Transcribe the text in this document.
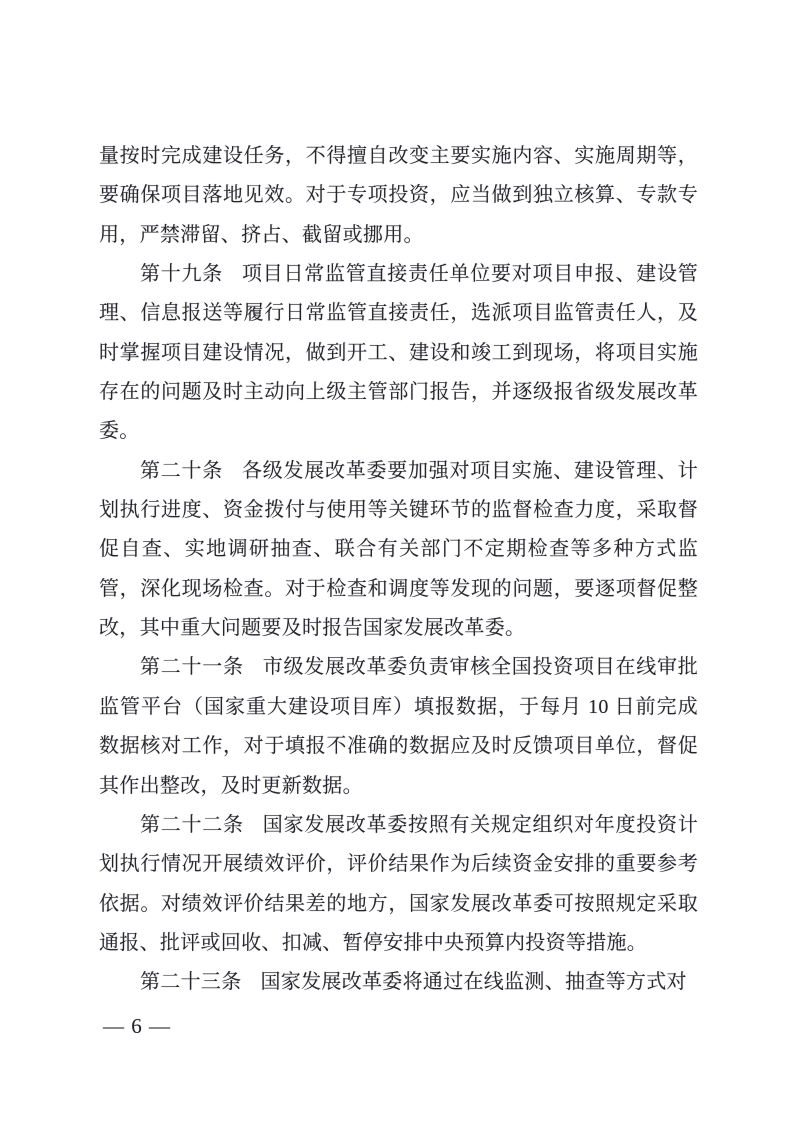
量按时完成建设任务，不得擅自改变主要实施内容、实施周期等，要确保项目落地见效。对于专项投资，应当做到独立核算、专款专用，严禁滞留、挤占、截留或挪用。

第十九条 项目日常监管直接责任单位要对项目申报、建设管理、信息报送等履行日常监管直接责任，选派项目监管责任人，及时掌握项目建设情况，做到开工、建设和竣工到现场，将项目实施存在的问题及时主动向上级主管部门报告，并逐级报省级发展改革委。

第二十条 各级发展改革委要加强对项目实施、建设管理、计划执行进度、资金拨付与使用等关键环节的监督检查力度，采取督促自查、实地调研抽查、联合有关部门不定期检查等多种方式监管，深化现场检查。对于检查和调度等发现的问题，要逐项督促整改，其中重大问题要及时报告国家发展改革委。

第二十一条 市级发展改革委负责审核全国投资项目在线审批监管平台（国家重大建设项目库）填报数据，于每月 10 日前完成数据核对工作，对于填报不准确的数据应及时反馈项目单位，督促其作出整改，及时更新数据。

第二十二条 国家发展改革委按照有关规定组织对年度投资计划执行情况开展绩效评价，评价结果作为后续资金安排的重要参考依据。对绩效评价结果差的地方，国家发展改革委可按照规定采取通报、批评或回收、扣减、暂停安排中央预算内投资等措施。

第二十三条 国家发展改革委将通过在线监测、抽查等方式对

— 6 —
